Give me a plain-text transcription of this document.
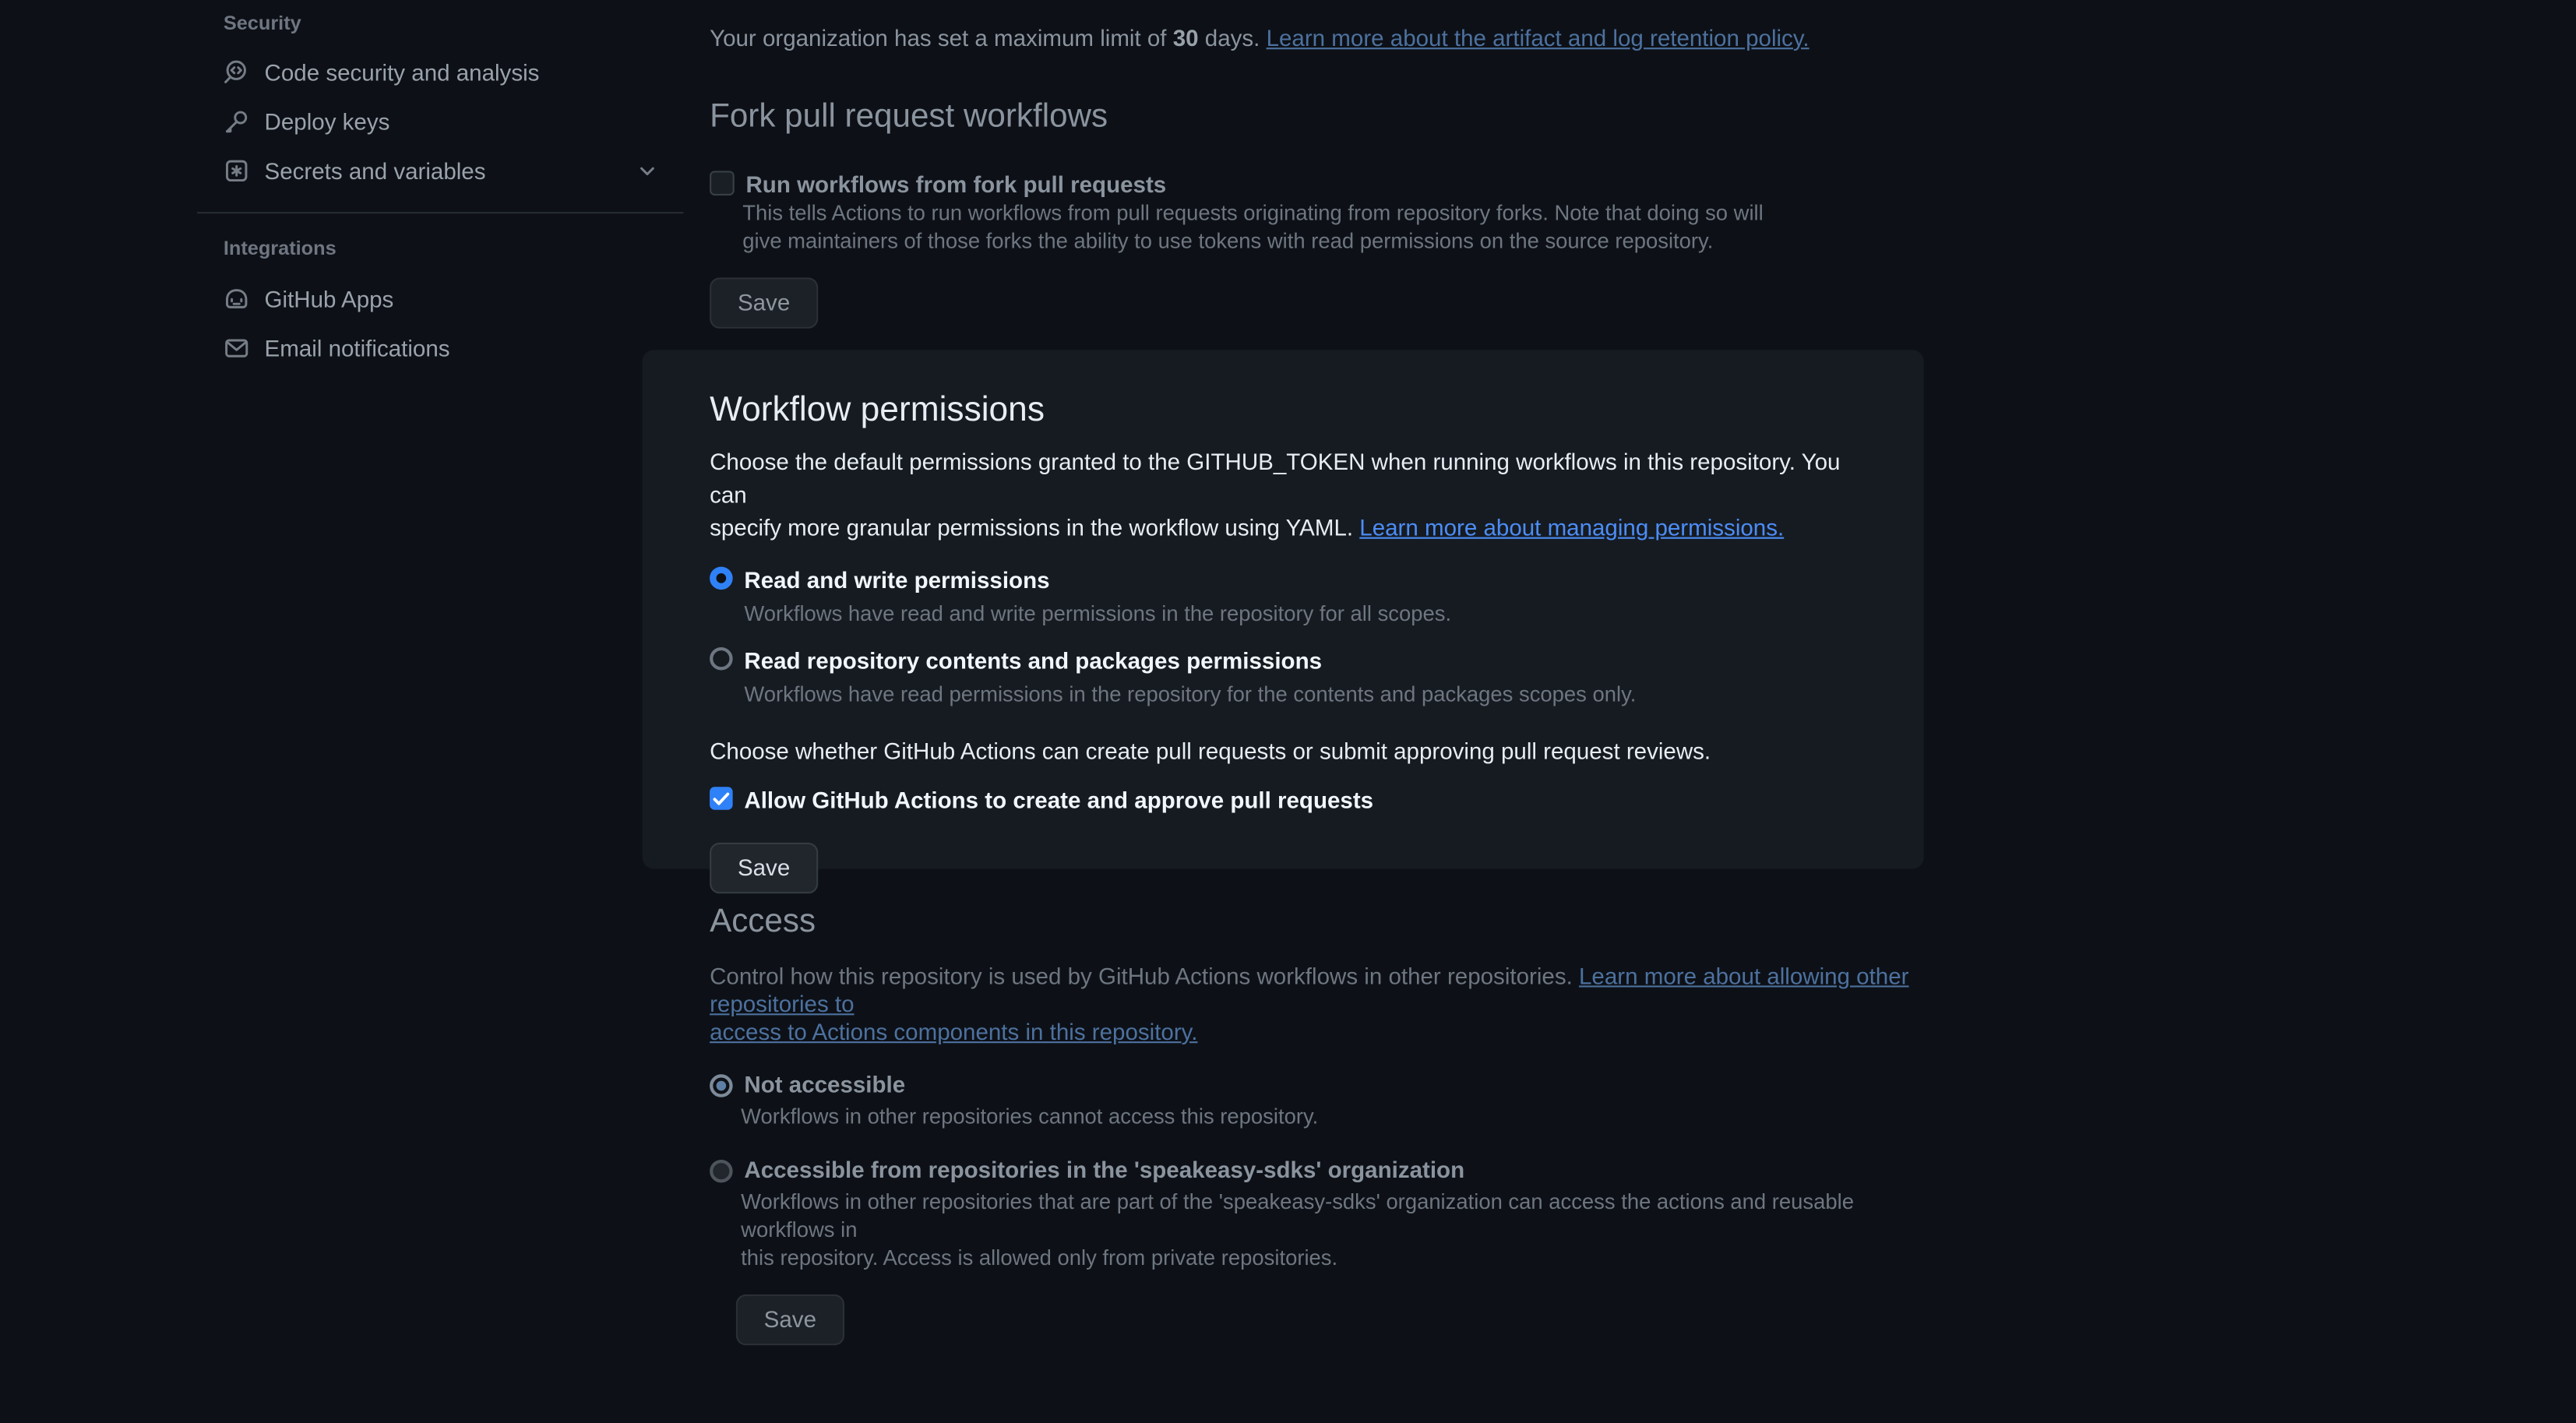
Security
Code security and analysis
Deploy keys
Secrets and variables
Integrations
GitHub Apps
Email notifications

Your organization has set a maximum limit of 30 days. Learn more about the artifact and log retention policy.

Fork pull request workflows
Run workflows from fork pull requests
This tells Actions to run workflows from pull requests originating from repository forks. Note that doing so will
give maintainers of those forks the ability to use tokens with read permissions on the source repository.
Save
Workflow permissions
Choose the default permissions granted to the GITHUB_TOKEN when running workflows in this repository. You can
specify more granular permissions in the workflow using YAML. Learn more about managing permissions.
Read and write permissions
Workflows have read and write permissions in the repository for all scopes.
Read repository contents and packages permissions
Workflows have read permissions in the repository for the contents and packages scopes only.
Choose whether GitHub Actions can create pull requests or submit approving pull request reviews.
Allow GitHub Actions to create and approve pull requests
Save
Access
Control how this repository is used by GitHub Actions workflows in other repositories. Learn more about allowing other repositories to
access to Actions components in this repository.
Not accessible
Workflows in other repositories cannot access this repository.
Accessible from repositories in the 'speakeasy-sdks' organization
Workflows in other repositories that are part of the 'speakeasy-sdks' organization can access the actions and reusable workflows in
this repository. Access is allowed only from private repositories.
Save
